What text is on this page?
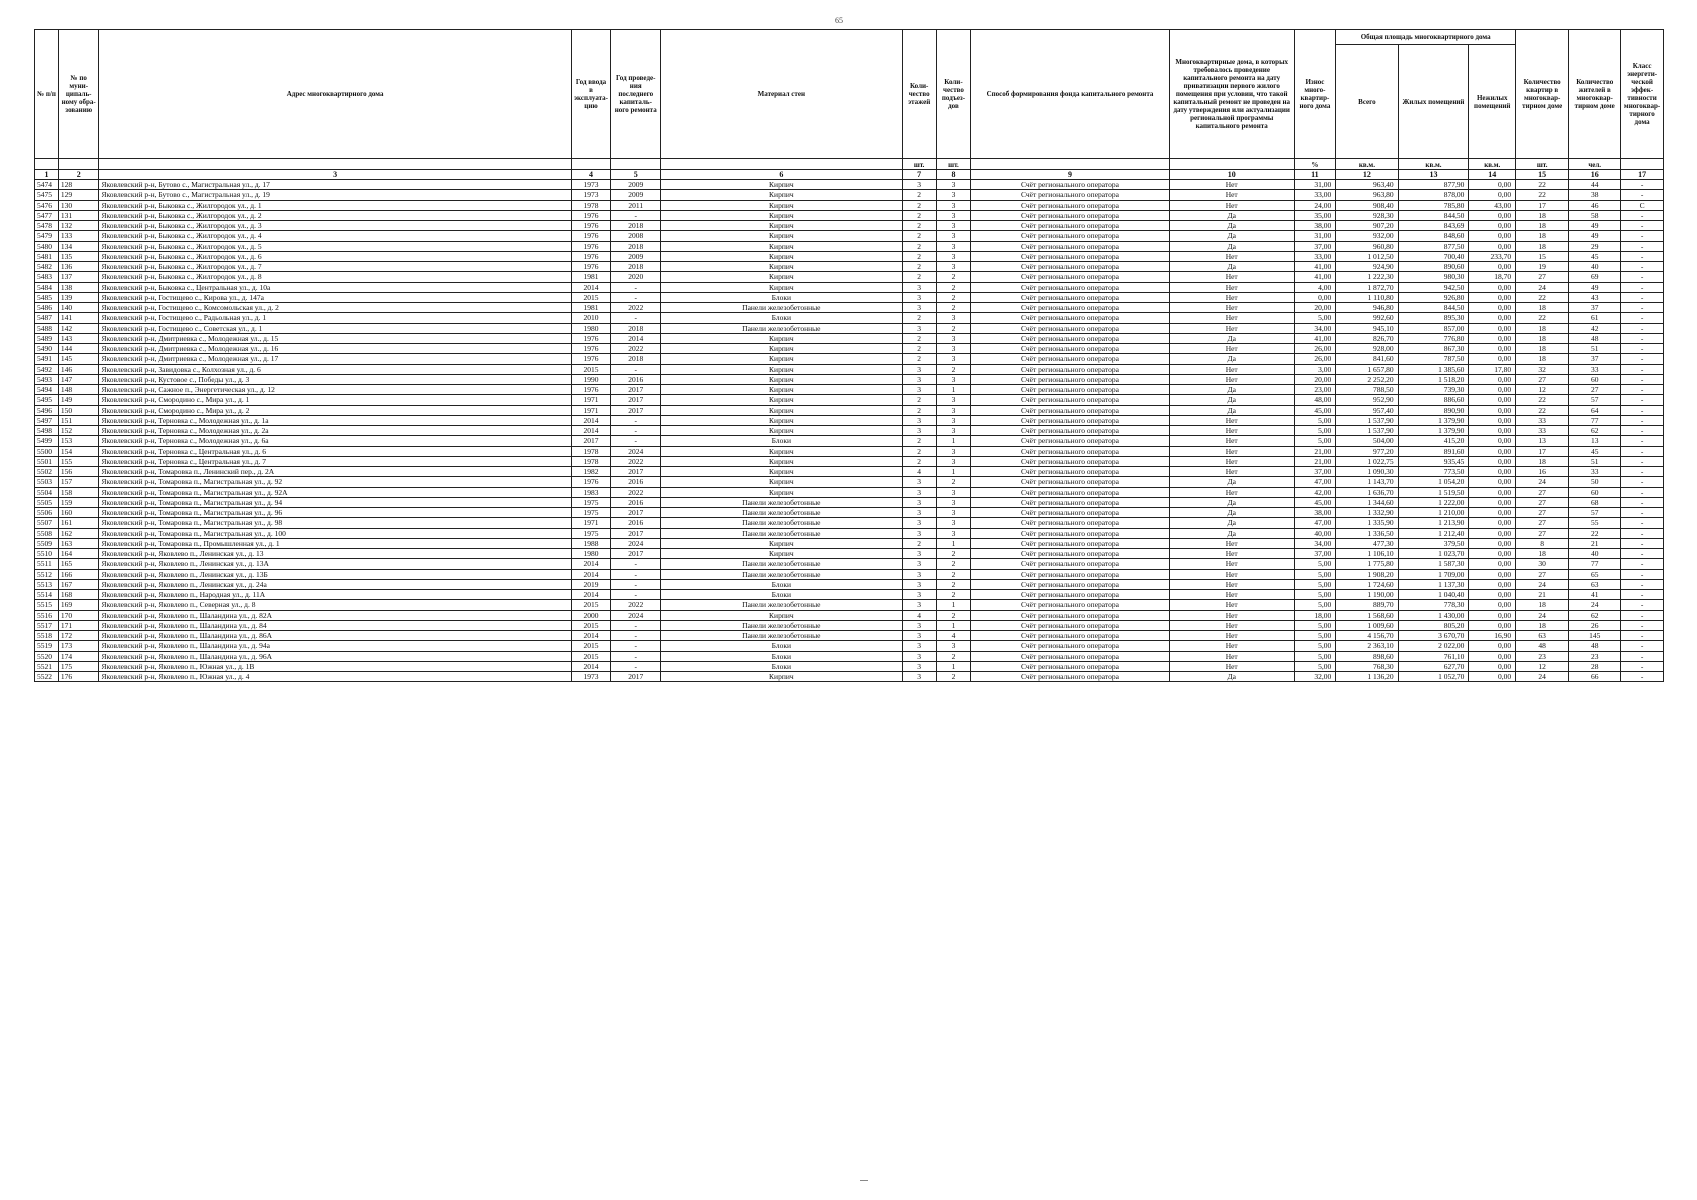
65
№ п/п	№ по муни-ципаль-ному обра-зованию	Адрес многоквартирного дома	Год ввода в эксплуата-цию	Год проведе-ния последнего капиталь-ного ремонта	Материал стен	Коли-чество этажей	Коли-чество подъез-дов	Способ формирования фонда капитального ремонта	Многоквартирные дома, в которых требовалось проведение капитального ремонта на дату приватизации первого жилого помещения при условии, что такой капитальный ремонт не проведен на дату утверждения или актуализации региональной программы капитального ремонта	Износ много-квартир-ного дома	Общая площадь многоквартирного дома			Количество квартир в многоквар-тирном доме	Количество жителей в многоквар-тирном доме	Класс энергети-ческой эффек-тивности многоквар-тирного дома
											Всего	Жилых помещений	Нежилых помещений			
						шт.	шт.			%	кв.м.	кв.м.	кв.м.	шт.	чел.	
1	2	3	4	5	6	7	8	9	10	11	12	13	14	15	16	17
5474	128	Яковлевский р-н, Бутово с., Магистральная ул., д. 17	1973	2009	Кирпич	3	3	Счёт регионального оператора	Нет	31,00	963,40	877,90	0,00	22	44	-
5475	129	Яковлевский р-н, Бутово с., Магистральная ул., д. 19	1973	2009	Кирпич	2	3	Счёт регионального оператора	Нет	33,00	963,80	878,00	0,00	22	38	-
5476	130	Яковлевский р-н, Быковка с., Жилгородок ул., д. 1	1978	2011	Кирпич	2	3	Счёт регионального оператора	Нет	24,00	908,40	785,80	43,00	17	46	С
5477	131	Яковлевский р-н, Быковка с., Жилгородок ул., д. 2	1976	-	Кирпич	2	3	Счёт регионального оператора	Да	35,00	928,30	844,50	0,00	18	58	-
5478	132	Яковлевский р-н, Быковка с., Жилгородок ул., д. 3	1976	2018	Кирпич	2	3	Счёт регионального оператора	Да	38,00	907,20	843,69	0,00	18	49	-
5479	133	Яковлевский р-н, Быковка с., Жилгородок ул., д. 4	1976	2008	Кирпич	2	3	Счёт регионального оператора	Да	31,00	932,00	848,60	0,00	18	49	-
5480	134	Яковлевский р-н, Быковка с., Жилгородок ул., д. 5	1976	2018	Кирпич	2	3	Счёт регионального оператора	Да	37,00	960,80	877,50	0,00	18	29	-
5481	135	Яковлевский р-н, Быковка с., Жилгородок ул., д. 6	1976	2009	Кирпич	2	3	Счёт регионального оператора	Нет	33,00	1 012,50	700,40	233,70	15	45	-
5482	136	Яковлевский р-н, Быковка с., Жилгородок ул., д. 7	1976	2018	Кирпич	2	3	Счёт регионального оператора	Да	41,00	924,90	890,60	0,00	19	40	-
5483	137	Яковлевский р-н, Быковка с., Жилгородок ул., д. 8	1981	2020	Кирпич	2	2	Счёт регионального оператора	Нет	41,00	1 222,30	980,30	18,70	27	69	-
5484	138	Яковлевский р-н, Быковка с., Центральная ул., д. 10а	2014	-	Кирпич	3	2	Счёт регионального оператора	Нет	4,00	1 872,70	942,50	0,00	24	49	-
5485	139	Яковлевский р-н, Гостищево с., Кирова ул., д. 147а	2015	-	Блоки	3	2	Счёт регионального оператора	Нет	0,00	1 110,80	926,80	0,00	22	43	-
5486	140	Яковлевский р-н, Гостищево с., Комсомольская ул., д. 2	1981	2022	Панели железобетонные	3	2	Счёт регионального оператора	Нет	20,00	946,80	844,50	0,00	18	37	-
5487	141	Яковлевский р-н, Гостищево с., Радьольная ул., д. 1	2010	-	Блоки	2	3	Счёт регионального оператора	Нет	5,00	992,60	895,30	0,00	22	61	-
5488	142	Яковлевский р-н, Гостищево с., Советская ул., д. 1	1980	2018	Панели железобетонные	3	2	Счёт регионального оператора	Нет	34,00	945,10	857,00	0,00	18	42	-
5489	143	Яковлевский р-н, Дмитриевка с., Молодежная ул., д. 15	1976	2014	Кирпич	2	3	Счёт регионального оператора	Да	41,00	826,70	776,80	0,00	18	48	-
5490	144	Яковлевский р-н, Дмитриевка с., Молодежная ул., д. 16	1976	2022	Кирпич	2	3	Счёт регионального оператора	Нет	26,00	928,00	867,30	0,00	18	51	-
5491	145	Яковлевский р-н, Дмитриевка с., Молодежная ул., д. 17	1976	2018	Кирпич	2	3	Счёт регионального оператора	Да	26,00	841,60	787,50	0,00	18	37	-
5492	146	Яковлевский р-н, Завидовка с., Колхозная ул., д. 6	2015	-	Кирпич	3	2	Счёт регионального оператора	Нет	3,00	1 657,80	1 385,60	17,80	32	33	-
5493	147	Яковлевский р-н, Кустовое с., Победы ул., д. 3	1990	2016	Кирпич	3	3	Счёт регионального оператора	Нет	20,00	2 252,20	1 518,20	0,00	27	60	-
5494	148	Яковлевский р-н, Сажное п., Энергетическая ул., д. 12	1976	2017	Кирпич	3	1	Счёт регионального оператора	Да	23,00	788,50	739,30	0,00	12	27	-
5495	149	Яковлевский р-н, Смородино с., Мира ул., д. 1	1971	2017	Кирпич	2	3	Счёт регионального оператора	Да	48,00	952,90	886,60	0,00	22	57	-
5496	150	Яковлевский р-н, Смородино с., Мира ул., д. 2	1971	2017	Кирпич	2	3	Счёт регионального оператора	Да	45,00	957,40	890,90	0,00	22	64	-
5497	151	Яковлевский р-н, Терновка с., Молодежная ул., д. 1а	2014	-	Кирпич	3	3	Счёт регионального оператора	Нет	5,00	1 537,90	1 379,90	0,00	33	77	-
5498	152	Яковлевский р-н, Терновка с., Молодежная ул., д. 2а	2014	-	Кирпич	3	3	Счёт регионального оператора	Нет	5,00	1 537,90	1 379,90	0,00	33	62	-
5499	153	Яковлевский р-н, Терновка с., Молодежная ул., д. 6а	2017	-	Блоки	2	1	Счёт регионального оператора	Нет	5,00	504,00	415,20	0,00	13	13	-
5500	154	Яковлевский р-н, Терновка с., Центральная ул., д. 6	1978	2024	Кирпич	2	3	Счёт регионального оператора	Нет	21,00	977,20	891,60	0,00	17	45	-
5501	155	Яковлевский р-н, Терновка с., Центральная ул., д. 7	1978	2022	Кирпич	2	3	Счёт регионального оператора	Нет	21,00	1 022,75	935,45	0,00	18	51	-
5502	156	Яковлевский р-н, Томаровка п., Ленинский пер., д. 2А	1982	2017	Кирпич	4	1	Счёт регионального оператора	Нет	37,00	1 090,30	773,50	0,00	16	33	-
5503	157	Яковлевский р-н, Томаровка п., Магистральная ул., д. 92	1976	2016	Кирпич	3	2	Счёт регионального оператора	Да	47,00	1 143,70	1 054,20	0,00	24	50	-
5504	158	Яковлевский р-н, Томаровка п., Магистральная ул., д. 92А	1983	2022	Кирпич	3	3	Счёт регионального оператора	Нет	42,00	1 636,70	1 519,50	0,00	27	60	-
5505	159	Яковлевский р-н, Томаровка п., Магистральная ул., д. 94	1975	2016	Панели железобетонные	3	3	Счёт регионального оператора	Да	45,00	1 344,60	1 222,00	0,00	27	68	-
5506	160	Яковлевский р-н, Томаровка п., Магистральная ул., д. 96	1975	2017	Панели железобетонные	3	3	Счёт регионального оператора	Да	38,00	1 332,90	1 210,00	0,00	27	57	-
5507	161	Яковлевский р-н, Томаровка п., Магистральная ул., д. 98	1971	2016	Панели железобетонные	3	3	Счёт регионального оператора	Да	47,00	1 335,90	1 213,90	0,00	27	55	-
5508	162	Яковлевский р-н, Томаровка п., Магистральная ул., д. 100	1975	2017	Панели железобетонные	3	3	Счёт регионального оператора	Да	40,00	1 336,50	1 212,40	0,00	27	22	-
5509	163	Яковлевский р-н, Томаровка п., Промышленная ул., д. 1	1988	2024	Кирпич	2	1	Счёт регионального оператора	Нет	34,00	477,30	379,50	0,00	8	21	-
5510	164	Яковлевский р-н, Яковлево п., Ленинская ул., д. 13	1980	2017	Кирпич	3	2	Счёт регионального оператора	Нет	37,00	1 106,10	1 023,70	0,00	18	40	-
5511	165	Яковлевский р-н, Яковлево п., Ленинская ул., д. 13А	2014	-	Панели железобетонные	3	2	Счёт регионального оператора	Нет	5,00	1 775,80	1 587,30	0,00	30	77	-
5512	166	Яковлевский р-н, Яковлево п., Ленинская ул., д. 13Б	2014	-	Панели железобетонные	3	2	Счёт регионального оператора	Нет	5,00	1 908,20	1 709,00	0,00	27	65	-
5513	167	Яковлевский р-н, Яковлево п., Ленинская ул., д. 24а	2019	-	Блоки	3	2	Счёт регионального оператора	Нет	5,00	1 724,60	1 137,30	0,00	24	63	-
5514	168	Яковлевский р-н, Яковлево п., Народная ул., д. 11А	2014	-	Блоки	3	2	Счёт регионального оператора	Нет	5,00	1 190,00	1 040,40	0,00	21	41	-
5515	169	Яковлевский р-н, Яковлево п., Северная ул., д. 8	2015	2022	Панели железобетонные	3	1	Счёт регионального оператора	Нет	5,00	889,70	778,30	0,00	18	24	-
5516	170	Яковлевский р-н, Яковлево п., Шаландина ул., д. 82А	2000	2024	Кирпич	4	2	Счёт регионального оператора	Нет	18,00	1 568,60	1 430,00	0,00	24	62	-
5517	171	Яковлевский р-н, Яковлево п., Шаландина ул., д. 84	2015	-	Панели железобетонные	3	1	Счёт регионального оператора	Нет	5,00	1 009,60	805,20	0,00	18	26	-
5518	172	Яковлевский р-н, Яковлево п., Шаландина ул., д. 86А	2014	-	Панели железобетонные	3	4	Счёт регионального оператора	Нет	5,00	4 156,70	3 670,70	16,90	63	145	-
5519	173	Яковлевский р-н, Яковлево п., Шаландина ул., д. 94а	2015	-	Блоки	3	3	Счёт регионального оператора	Нет	5,00	2 363,10	2 022,00	0,00	48	48	-
5520	174	Яковлевский р-н, Яковлево п., Шаландина ул., д. 96А	2015	-	Блоки	3	2	Счёт регионального оператора	Нет	5,00	898,60	761,10	0,00	23	23	-
5521	175	Яковлевский р-н, Яковлево п., Южная ул., д. 1В	2014	-	Блоки	3	1	Счёт регионального оператора	Нет	5,00	768,30	627,70	0,00	12	28	-
5522	176	Яковлевский р-н, Яковлево п., Южная ул., д. 4	1973	2017	Кирпич	3	2	Счёт регионального оператора	Да	32,00	1 136,20	1 052,70	0,00	24	66	-
